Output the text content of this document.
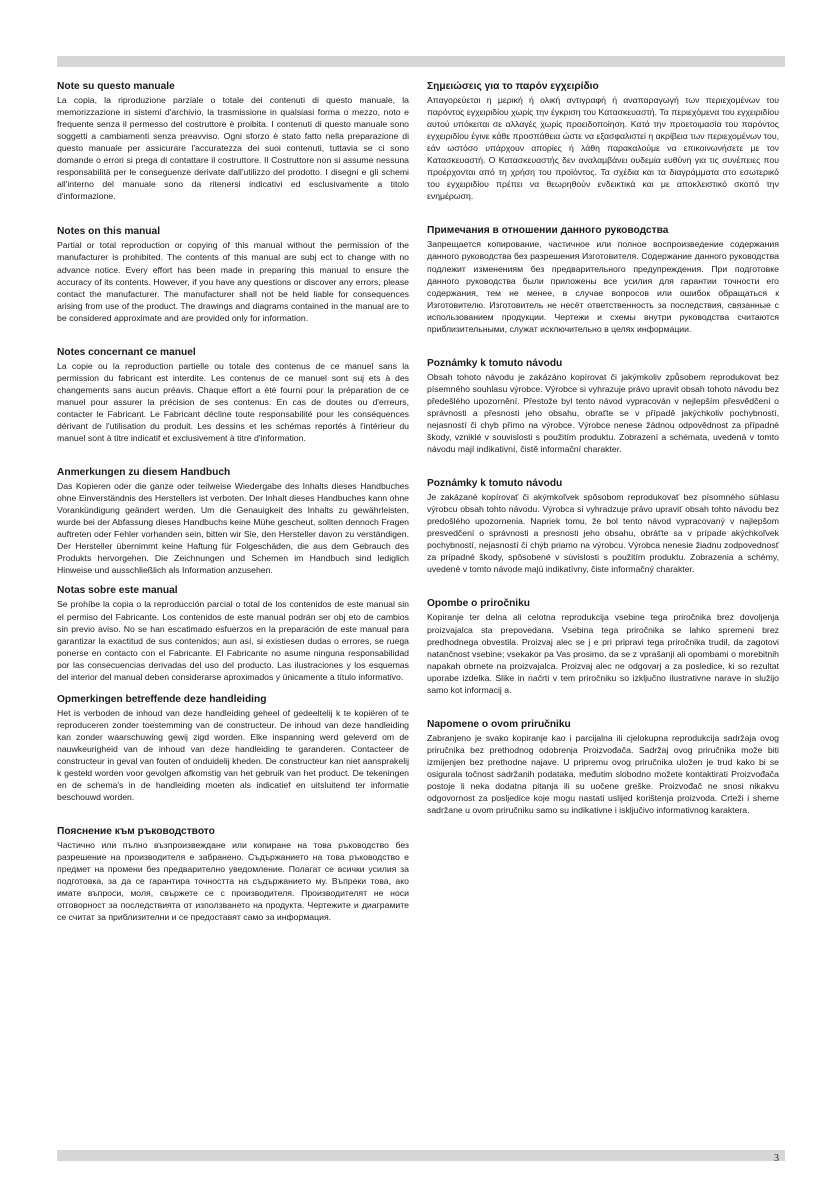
Note su questo manuale

La copia, la riproduzione parziale o totale dei contenuti di questo manuale, la memorizzazione in sistemi d'archivio, la trasmissione in qualsiasi forma o mezzo, noto e frequente senza il permesso del costruttore è proibita. I contenuti di questo manuale sono soggetti a cambiamenti senza preavviso. Ogni sforzo è stato fatto nella preparazione di questo manuale per assicurare l'accuratezza dei suoi contenuti, tuttavia se ci sono domande o errori si prega di contattare il costruttore. Il Costruttore non si assume nessuna responsabilità per le conseguenze derivate dall'utilizzo del prodotto. I disegni e gli schemi all'interno del manuale sono da ritenersi indicativi ed esclusivamente a titolo d'informazione.

Notes on this manual

Partial or total reproduction or copying of this manual without the permission of the manufacturer is prohibited. The contents of this manual are subj ect to change with no advance notice. Every effort has been made in preparing this manual to ensure the accuracy of its contents. However, if you have any questions or discover any errors, please contact the manufacturer. The manufacturer shall not be held liable for consequences arising from use of the product. The drawings and diagrams contained in the manual are to be considered approximate and are provided only for information.

Notes concernant ce manuel

La copie ou la reproduction partielle ou totale des contenus de ce manuel sans la permission du fabricant est interdite. Les contenus de ce manuel sont suj ets à des changements sans aucun préavis. Chaque effort a été fourni pour la préparation de ce manuel pour assurer la précision de ses contenus. En cas de doutes ou d'erreurs, contacter le Fabricant. Le Fabricant décline toute responsabilité pour les conséquences dérivant de l'utilisation du produit. Les dessins et les schémas reportés à l'intérieur du manuel sont à titre indicatif et exclusivement à titre d'information.

Anmerkungen zu diesem Handbuch

Das Kopieren oder die ganze oder teilweise Wiedergabe des Inhalts dieses Handbuches ohne Einverständnis des Herstellers ist verboten. Der Inhalt dieses Handbuches kann ohne Vorankündigung geändert werden. Um die Genauigkeit des Inhalts zu gewährleisten, wurde bei der Abfassung dieses Handbuchs keine Mühe gescheut, sollten dennoch Fragen auftreten oder Fehler vorhanden sein, bitten wir Sie, den Hersteller davon zu verständigen. Der Hersteller übernimmt keine Haftung für Folgeschäden, die aus dem Gebrauch des Produkts hervorgehen. Die Zeichnungen und Schemen im Handbuch sind lediglich Hinweise und ausschließlich als Information anzusehen.

Notas sobre este manual

Se prohíbe la copia o la reproducción parcial o total de los contenidos de este manual sin el permiso del Fabricante. Los contenidos de este manual podrán ser obj eto de cambios sin previo aviso. No se han escatimado esfuerzos en la preparación de este manual para garantizar la exactitud de sus contenidos; aun así, si existiesen dudas o errores, se ruega ponerse en contacto con el Fabricante. El Fabricante no asume ninguna responsabilidad por las consecuencias derivadas del uso del producto. Las ilustraciones y los esquemas del interior del manual deben considerarse aproximados y únicamente a título informativo.

Opmerkingen betreffende deze handleiding

Het is verboden de inhoud van deze handleiding geheel of gedeeltelij k te kopiëren of te reproduceren zonder toestemming van de constructeur. De inhoud van deze handleiding kan zonder waarschuwing gewij zigd worden. Elke inspanning werd geleverd om de nauwkeurigheid van de inhoud van deze handleiding te garanderen. Contacteer de constructeur in geval van fouten of onduidelij kheden. De constructeur kan niet aansprakelij k gesteld worden voor gevolgen afkomstig van het gebruik van het product. De tekeningen en de schema's in de handleiding moeten als indicatief en uitsluitend ter informatie beschouwd worden.

Пояснение към ръководството

Частично или пълно възпроизвеждане или копиране на това ръководство без разрешение на производителя е забранено. Съдържанието на това ръководство е предмет на промени без предварително уведомление. Полагат се всички усилия за подготовка, за да се гарантира точността на съдържанието му. Въпреки това, ако имате въпроси, моля, свържете се с производителя. Производителят не носи отговорност за последствията от използването на продукта. Чертежите и диаграмите се считат за приблизителни и се предоставят само за информация.

Σημειώσεις για το παρόν εγχειρίδιο

Απαγορεύεται η μερική ή ολική αντιγραφή ή αναπαραγωγή των περιεχομένων του παρόντος εγχειριδίου χωρίς την έγκριση του Κατασκευαστή. Τα περιεχόμενα του εγχειριδίου αυτού υπόκειται σε αλλαγές χωρίς προειδοποίηση. Κατά την προετοιμασία του παρόντος εγχειριδίου έγινε κάθε προσπάθεια ώστε να εξασφαλιστεί η ακρίβεια των περιεχομένων του, εάν ωστόσο υπάρχουν απορίες ή λάθη παρακαλούμε να επικοινωνήσετε με τον Κατασκευαστή. Ο Κατασκευαστής δεν αναλαμβάνει ουδεμία ευθύνη για τις συνέπειες που προέρχονται από τη χρήση του προϊόντος. Τα σχέδια και τα διαγράμματα στο εσωτερικό του εγχειριδίου πρέπει να θεωρηθούν ενδεικτικά και με αποκλειστικό σκοπό την ενημέρωση.

Примечания в отношении данного руководства

Запрещается копирование, частичное или полное воспроизведение содержания данного руководства без разрешения Изготовителя. Содержание данного руководства подлежит изменениям без предварительного предупреждения. При подготовке данного руководства были приложены все усилия для гарантии точности его содержания, тем не менее, в случае вопросов или ошибок обращаться к Изготовителю. Изготовитель не несёт ответственность за последствия, связанные с использованием продукции. Чертежи и схемы внутри руководства считаются приблизительными, служат исключительно в целях информации.

Poznámky k tomuto návodu

Obsah tohoto návodu je zakázáno kopírovat či jakýmkoliv způsobem reprodukovat bez písemného souhlasu výrobce. Výrobce si vyhrazuje právo upravit obsah tohoto návodu bez předešlého upozornění. Přestože byl tento návod vypracován v nejlepším přesvědčení o správnosti a přesnosti jeho obsahu, obraťte se v případě jakýchkoliv pochybností, nejasností či chyb přímo na výrobce. Výrobce nenese žádnou odpovědnost za případné škody, vzniklé v souvislosti s použitím produktu. Zobrazení a schémata, uvedená v tomto návodu mají indikativní, čistě informační charakter.

Poznámky k tomuto návodu

Je zakázané kopírovať či akýmkoľvek spôsobom reprodukovať bez písomného súhlasu výrobcu obsah tohto návodu. Výrobca si vyhradzuje právo upraviť obsah tohto návodu bez predošlého upozornenia. Napriek tomu, že bol tento návod vypracovaný v najlepšom presvedčení o správnosti a presnosti jeho obsahu, obráťte sa v prípade akýchkoľvek pochybností, nejasností či chýb priamo na výrobcu. Výrobca nenesie žiadnu zodpovednosť za prípadné škody, spôsobené v súvislosti s použitím produktu. Zobrazenia a schémy, uvedené v tomto návode majú indikatívny, čiste informačný charakter.

Opombe o priročniku

Kopiranje ter delna ali celotna reprodukcija vsebine tega priročnika brez dovoljenja proizvajalca sta prepovedana. Vsebina tega priročnika se lahko spremeni brez predhodnega obvestila. Proizvaj alec se j e pri pripravi tega priročnika trudil, da zagotovi natančnost vsebine; vsekakor pa Vas prosimo, da se z vprašanji ali opombami o morebitnih napakah obrnete na proizvajalca. Proizvaj alec ne odgovarj a za posledice, ki so rezultat uporabe izdelka. Slike in načrti v tem priročniku so izključno ilustrativne narave in služijo samo kot informacij a.

Napomene o ovom priručniku

Zabranjeno je svako kopiranje kao i parcijalna ili cjelokupna reprodukcija sadržaja ovog priručnika bez prethodnog odobrenja Proizvođača. Sadržaj ovog priručnika može biti izmijenjen bez prethodne najave. U pripremu ovog priručnika uložen je trud kako bi se osigurala točnost sadržanih podataka, međutim slobodno možete kontaktirati Proizvođača postoje li neka dodatna pitanja ili su uočene greške. Proizvođač ne snosi nikakvu odgovornost za posljedice koje mogu nastati uslijed korištenja proizvoda. Crteži i sheme sadržane u ovom priručniku samo su indikativne i isključivo informativnog karaktera.

3
